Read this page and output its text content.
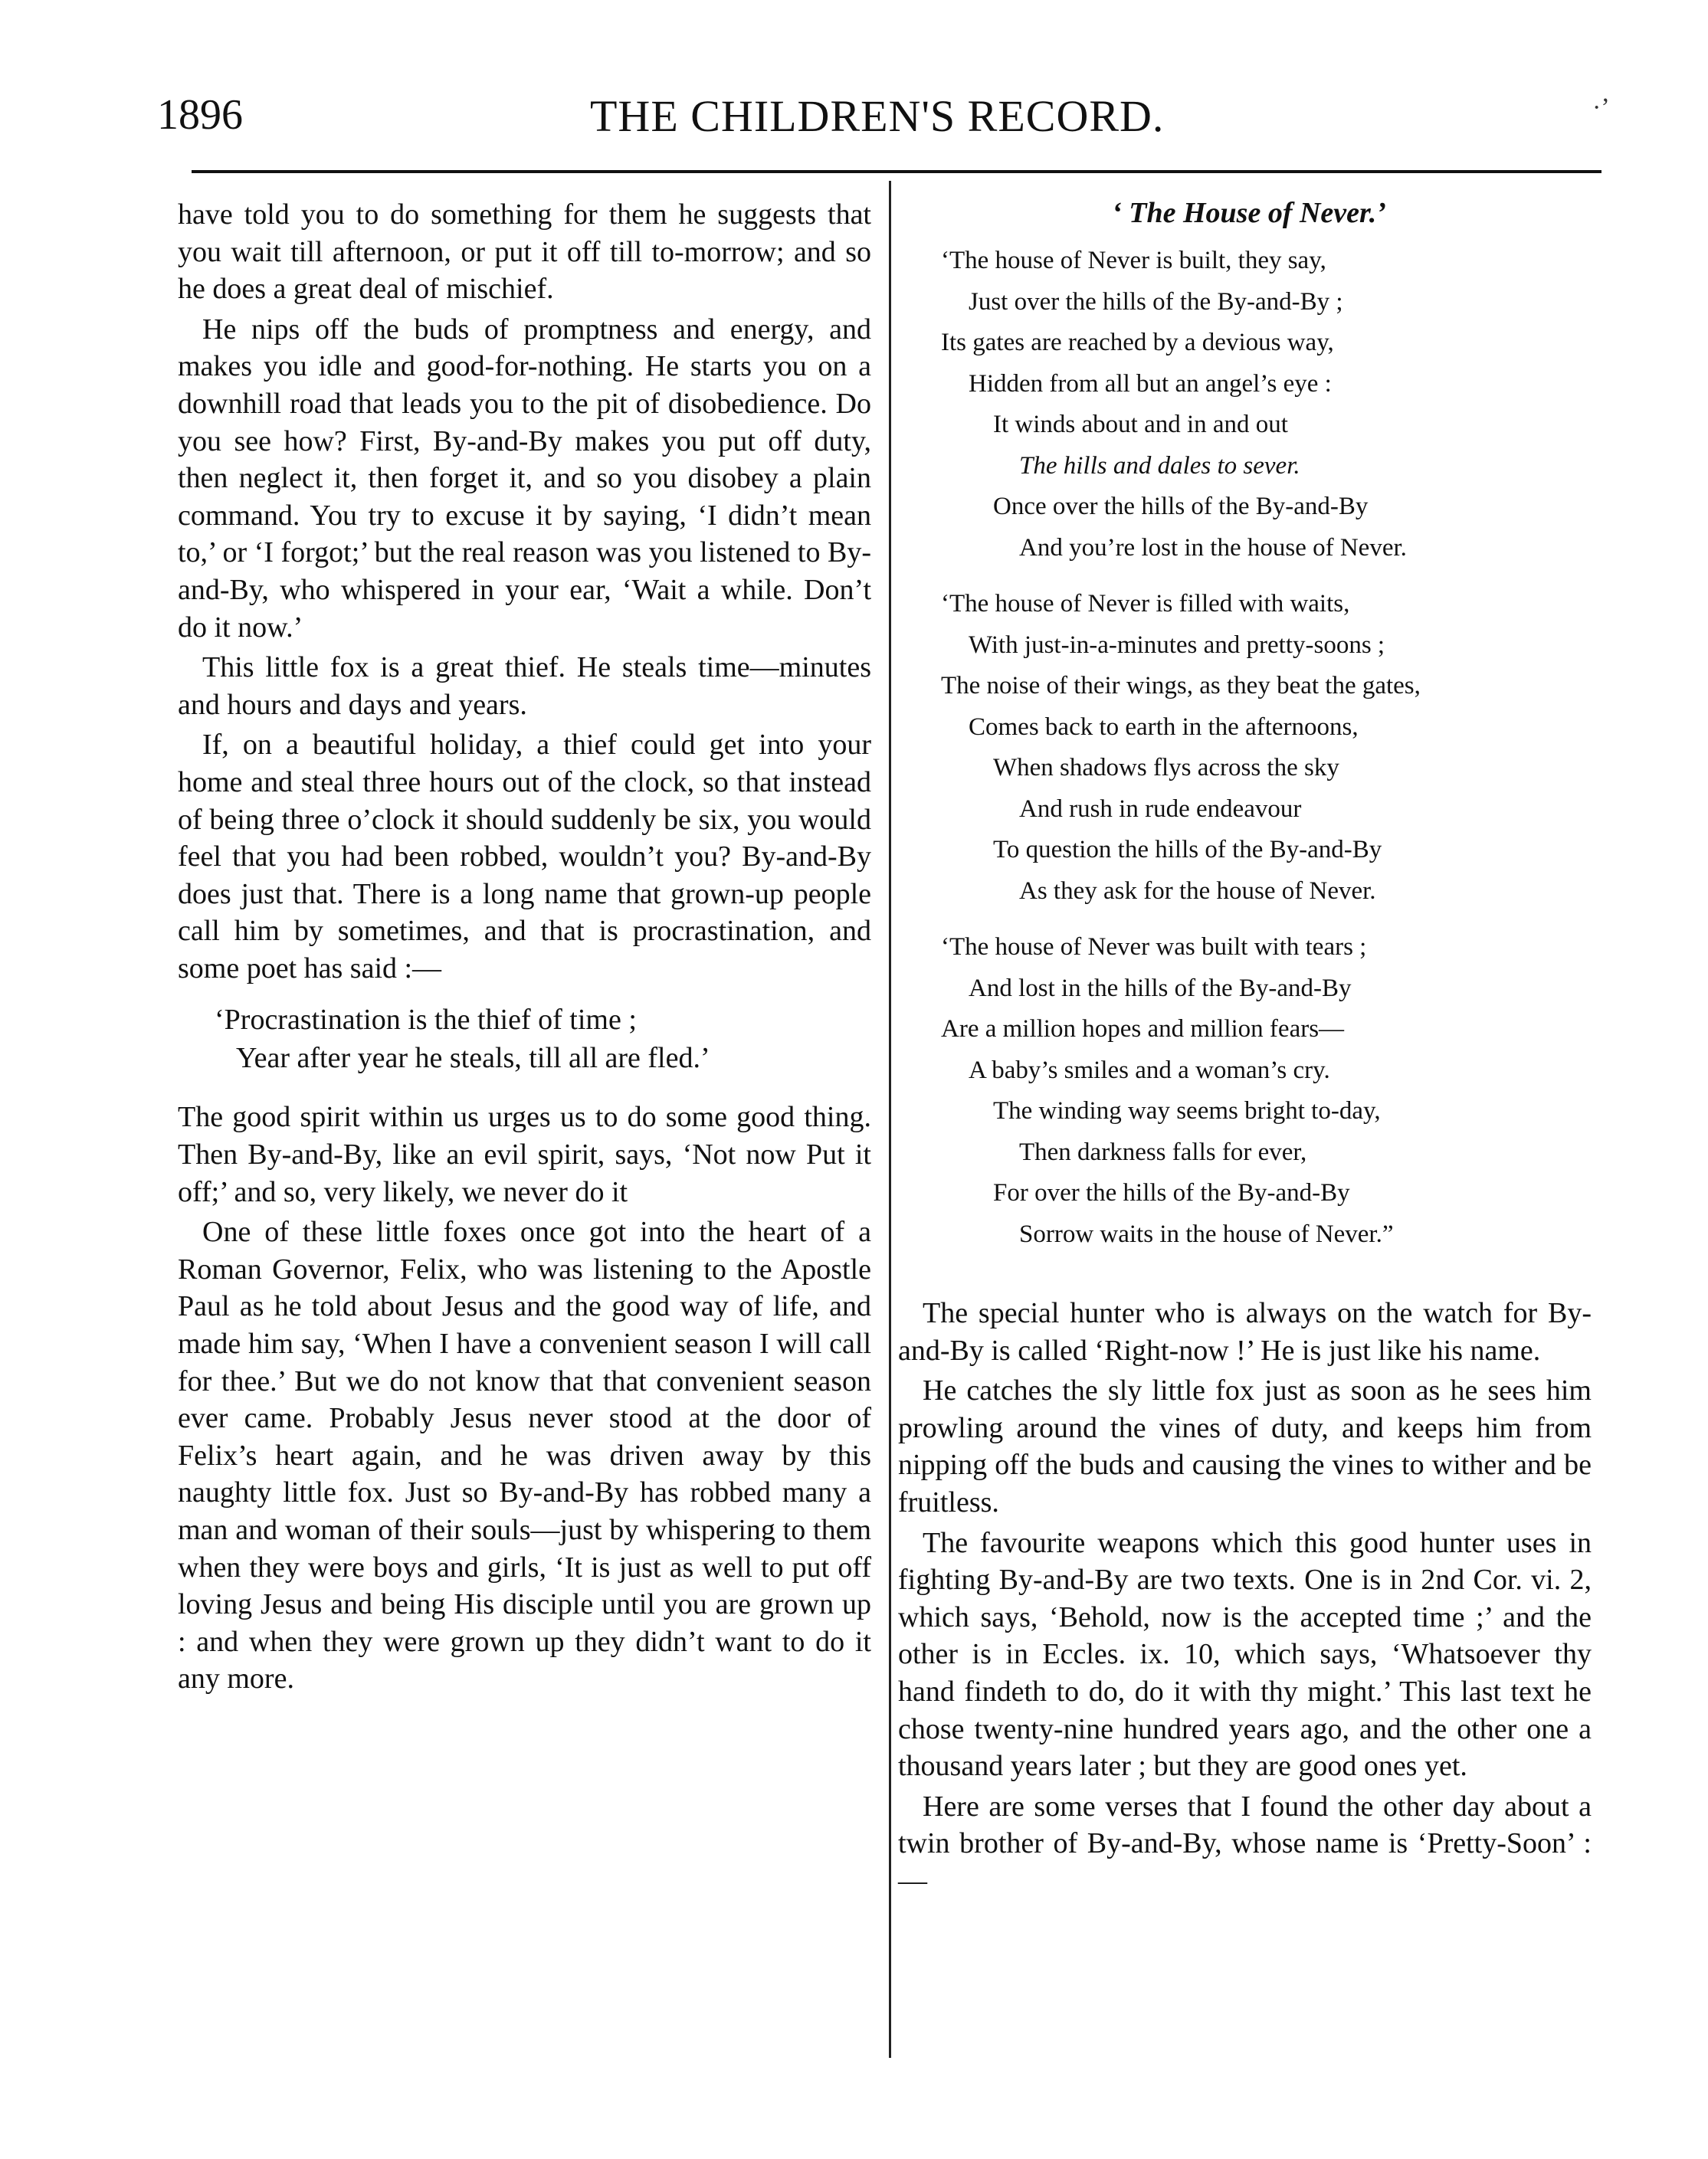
1896	THE CHILDREN'S RECORD.	·ʼ

have told you to do something for them he suggests that you wait till afternoon, or put it off till to-morrow; and so he does a great deal of mischief.

He nips off the buds of promptness and energy, and makes you idle and good-for-nothing. He starts you on a downhill road that leads you to the pit of disobedience. Do you see how? First, By-and-By makes you put off duty, then neglect it, then forget it, and so you disobey a plain command. You try to excuse it by saying, ‘I didn’t mean to,’ or ‘I forgot;’ but the real reason was you listened to By-and-By, who whispered in your ear, ‘Wait a while. Don’t do it now.’

This little fox is a great thief. He steals time—minutes and hours and days and years.

If, on a beautiful holiday, a thief could get into your home and steal three hours out of the clock, so that instead of being three o’clock it should suddenly be six, you would feel that you had been robbed, wouldn’t you? By-and-By does just that. There is a long name that grown-up people call him by sometimes, and that is procrastination, and some poet has said :—

‘Procrastination is the thief of time ;
Year after year he steals, till all are fled.’

The good spirit within us urges us to do some good thing. Then By-and-By, like an evil spirit, says, ‘Not now Put it off;’ and so, very likely, we never do it

One of these little foxes once got into the heart of a Roman Governor, Felix, who was listening to the Apostle Paul as he told about Jesus and the good way of life, and made him say, ‘When I have a convenient season I will call for thee.’ But we do not know that that convenient season ever came. Probably Jesus never stood at the door of Felix’s heart again, and he was driven away by this naughty little fox. Just so By-and-By has robbed many a man and woman of their souls—just by whispering to them when they were boys and girls, ‘It is just as well to put off loving Jesus and being His disciple until you are grown up : and when they were grown up they didn’t want to do it any more.

‘ The House of Never.’
‘The house of Never is built, they say,
Just over the hills of the By-and-By ;
Its gates are reached by a devious way,
Hidden from all but an angel’s eye :
It winds about and in and out
The hills and dales to sever.
Once over the hills of the By-and-By
And you’re lost in the house of Never.
‘The house of Never is filled with waits,
With just-in-a-minutes and pretty-soons ;
The noise of their wings, as they beat the gates,
Comes back to earth in the afternoons,
When shadows flys across the sky
And rush in rude endeavour
To question the hills of the By-and-By
As they ask for the house of Never.
‘The house of Never was built with tears ;
And lost in the hills of the By-and-By
Are a million hopes and million fears—
A baby’s smiles and a woman’s cry.
The winding way seems bright to-day,
Then darkness falls for ever,
For over the hills of the By-and-By
Sorrow waits in the house of Never.”

The special hunter who is always on the watch for By-and-By is called ‘Right-now !’ He is just like his name.

He catches the sly little fox just as soon as he sees him prowling around the vines of duty, and keeps him from nipping off the buds and causing the vines to wither and be fruitless.

The favourite weapons which this good hunter uses in fighting By-and-By are two texts. One is in 2nd Cor. vi. 2, which says, ‘Behold, now is the accepted time ;’ and the other is in Eccles. ix. 10, which says, ‘Whatsoever thy hand findeth to do, do it with thy might.’ This last text he chose twenty-nine hundred years ago, and the other one a thousand years later ; but they are good ones yet.

Here are some verses that I found the other day about a twin brother of By-and-By, whose name is ‘Pretty-Soon’ :—
